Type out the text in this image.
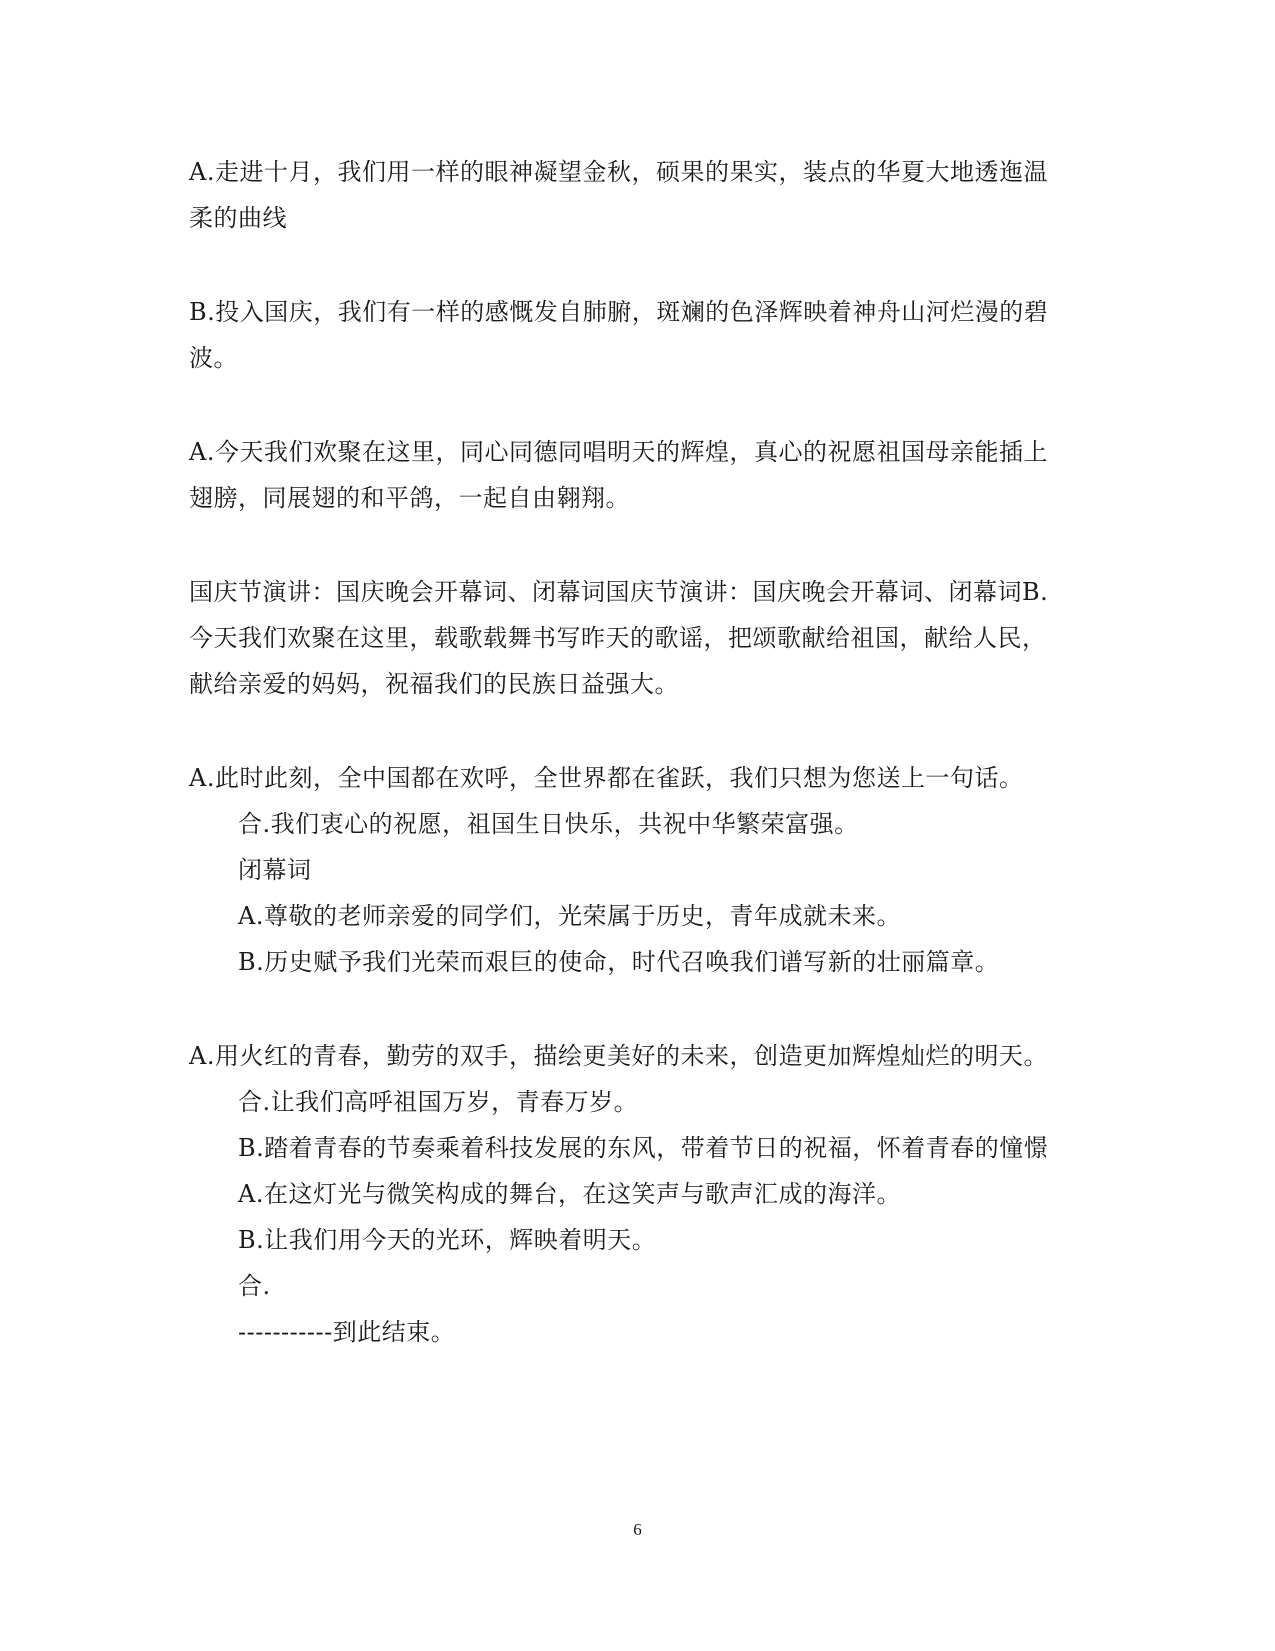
A.走进十月，我们用一样的眼神凝望金秋，硕果的果实，装点的华夏大地透迤温
柔的曲线
B.投入国庆，我们有一样的感慨发自肺腑，斑斓的色泽辉映着神舟山河烂漫的碧
波。
A.今天我们欢聚在这里，同心同德同唱明天的辉煌，真心的祝愿祖国母亲能插上
翅膀，同展翅的和平鸽，一起自由翱翔。
国庆节演讲：国庆晚会开幕词、闭幕词国庆节演讲：国庆晚会开幕词、闭幕词B.
今天我们欢聚在这里，载歌载舞书写昨天的歌谣，把颂歌献给祖国，献给人民，
献给亲爱的妈妈，祝福我们的民族日益强大。
A.此时此刻，全中国都在欢呼，全世界都在雀跃，我们只想为您送上一句话。
合.我们衷心的祝愿，祖国生日快乐，共祝中华繁荣富强。
闭幕词
A.尊敬的老师亲爱的同学们，光荣属于历史，青年成就未来。
B.历史赋予我们光荣而艰巨的使命，时代召唤我们谱写新的壮丽篇章。
A.用火红的青春，勤劳的双手，描绘更美好的未来，创造更加辉煌灿烂的明天。
合.让我们高呼祖国万岁，青春万岁。
B.踏着青春的节奏乘着科技发展的东风，带着节日的祝福，怀着青春的憧憬
A.在这灯光与微笑构成的舞台，在这笑声与歌声汇成的海洋。
B.让我们用今天的光环，辉映着明天。
合.
-----------到此结束。
6
